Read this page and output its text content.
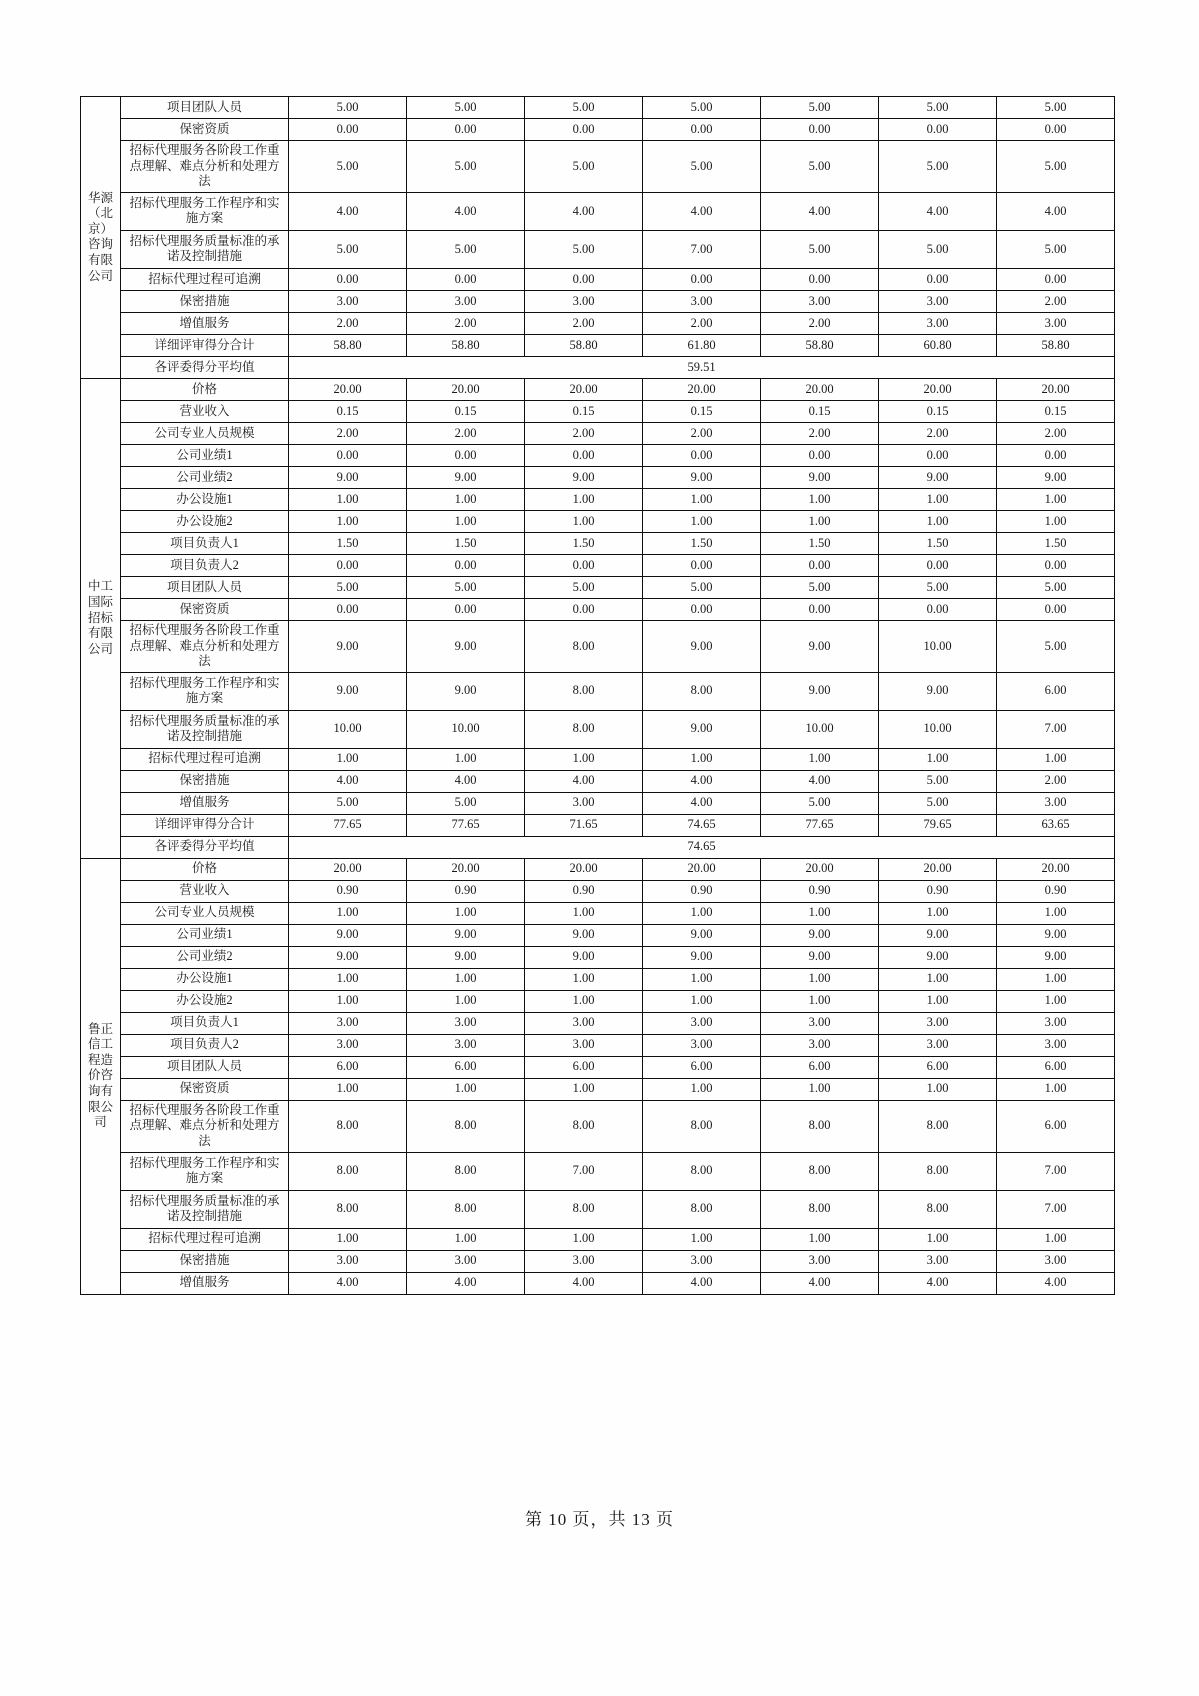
华源（北京）咨询有限公司	项目团队人员	5.00	5.00	5.00	5.00	5.00	5.00	5.00
	保密资质	0.00	0.00	0.00	0.00	0.00	0.00	0.00
	招标代理服务各阶段工作重点理解、难点分析和处理方法	5.00	5.00	5.00	5.00	5.00	5.00	5.00
	招标代理服务工作程序和实施方案	4.00	4.00	4.00	4.00	4.00	4.00	4.00
	招标代理服务质量标准的承诺及控制措施	5.00	5.00	5.00	7.00	5.00	5.00	5.00
	招标代理过程可追溯	0.00	0.00	0.00	0.00	0.00	0.00	0.00
	保密措施	3.00	3.00	3.00	3.00	3.00	3.00	2.00
	增值服务	2.00	2.00	2.00	2.00	2.00	3.00	3.00
	详细评审得分合计	58.80	58.80	58.80	61.80	58.80	60.80	58.80
	各评委得分平均值	59.51						
中工国际招标有限公司	价格	20.00	20.00	20.00	20.00	20.00	20.00	20.00
	营业收入	0.15	0.15	0.15	0.15	0.15	0.15	0.15
	公司专业人员规模	2.00	2.00	2.00	2.00	2.00	2.00	2.00
	公司业绩1	0.00	0.00	0.00	0.00	0.00	0.00	0.00
	公司业绩2	9.00	9.00	9.00	9.00	9.00	9.00	9.00
	办公设施1	1.00	1.00	1.00	1.00	1.00	1.00	1.00
	办公设施2	1.00	1.00	1.00	1.00	1.00	1.00	1.00
	项目负责人1	1.50	1.50	1.50	1.50	1.50	1.50	1.50
	项目负责人2	0.00	0.00	0.00	0.00	0.00	0.00	0.00
	项目团队人员	5.00	5.00	5.00	5.00	5.00	5.00	5.00
	保密资质	0.00	0.00	0.00	0.00	0.00	0.00	0.00
	招标代理服务各阶段工作重点理解、难点分析和处理方法	9.00	9.00	8.00	9.00	9.00	10.00	5.00
	招标代理服务工作程序和实施方案	9.00	9.00	8.00	8.00	9.00	9.00	6.00
	招标代理服务质量标准的承诺及控制措施	10.00	10.00	8.00	9.00	10.00	10.00	7.00
	招标代理过程可追溯	1.00	1.00	1.00	1.00	1.00	1.00	1.00
	保密措施	4.00	4.00	4.00	4.00	4.00	5.00	2.00
	增值服务	5.00	5.00	3.00	4.00	5.00	5.00	3.00
	详细评审得分合计	77.65	77.65	71.65	74.65	77.65	79.65	63.65
	各评委得分平均值	74.65						
鲁正信工程造价咨询有限公司	价格	20.00	20.00	20.00	20.00	20.00	20.00	20.00
	营业收入	0.90	0.90	0.90	0.90	0.90	0.90	0.90
	公司专业人员规模	1.00	1.00	1.00	1.00	1.00	1.00	1.00
	公司业绩1	9.00	9.00	9.00	9.00	9.00	9.00	9.00
	公司业绩2	9.00	9.00	9.00	9.00	9.00	9.00	9.00
	办公设施1	1.00	1.00	1.00	1.00	1.00	1.00	1.00
	办公设施2	1.00	1.00	1.00	1.00	1.00	1.00	1.00
	项目负责人1	3.00	3.00	3.00	3.00	3.00	3.00	3.00
	项目负责人2	3.00	3.00	3.00	3.00	3.00	3.00	3.00
	项目团队人员	6.00	6.00	6.00	6.00	6.00	6.00	6.00
	保密资质	1.00	1.00	1.00	1.00	1.00	1.00	1.00
	招标代理服务各阶段工作重点理解、难点分析和处理方法	8.00	8.00	8.00	8.00	8.00	8.00	6.00
	招标代理服务工作程序和实施方案	8.00	8.00	7.00	8.00	8.00	8.00	7.00
	招标代理服务质量标准的承诺及控制措施	8.00	8.00	8.00	8.00	8.00	8.00	7.00
	招标代理过程可追溯	1.00	1.00	1.00	1.00	1.00	1.00	1.00
	保密措施	3.00	3.00	3.00	3.00	3.00	3.00	3.00
	增值服务	4.00	4.00	4.00	4.00	4.00	4.00	4.00
第 10 页，共 13 页
